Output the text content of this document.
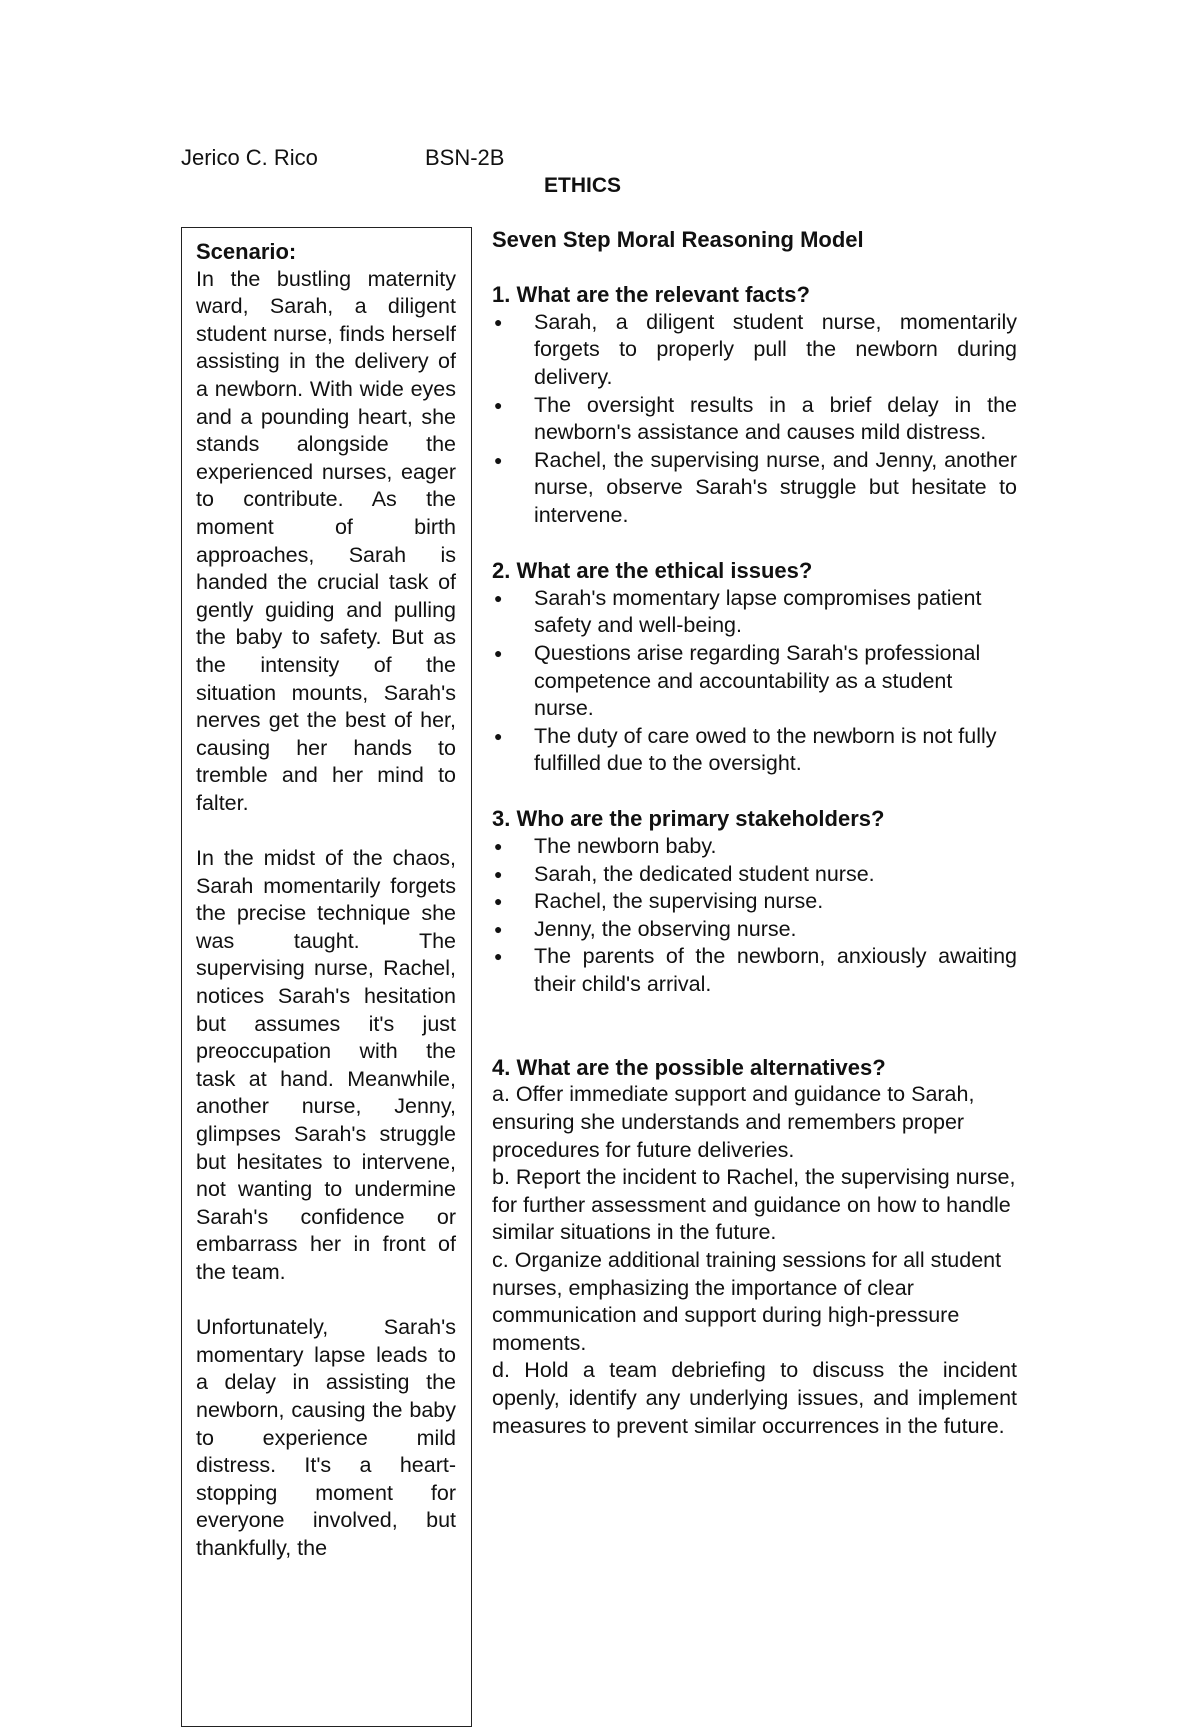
Jerico C. Rico	BSN-2B
ETHICS
Scenario:

In the bustling maternity ward, Sarah, a diligent student nurse, finds herself assisting in the delivery of a newborn. With wide eyes and a pounding heart, she stands alongside the experienced nurses, eager to contribute. As the moment of birth approaches, Sarah is handed the crucial task of gently guiding and pulling the baby to safety. But as the intensity of the situation mounts, Sarah's nerves get the best of her, causing her hands to tremble and her mind to falter.

In the midst of the chaos, Sarah momentarily forgets the precise technique she was taught. The supervising nurse, Rachel, notices Sarah's hesitation but assumes it's just preoccupation with the task at hand. Meanwhile, another nurse, Jenny, glimpses Sarah's struggle but hesitates to intervene, not wanting to undermine Sarah's confidence or embarrass her in front of the team.

Unfortunately, Sarah's momentary lapse leads to a delay in assisting the newborn, causing the baby to experience mild distress. It's a heart-stopping moment for everyone involved, but thankfully, the

Seven Step Moral Reasoning Model
1. What are the relevant facts?
● Sarah, a diligent student nurse, momentarily forgets to properly pull the newborn during delivery.
● The oversight results in a brief delay in the newborn's assistance and causes mild distress.
● Rachel, the supervising nurse, and Jenny, another nurse, observe Sarah's struggle but hesitate to intervene.
2. What are the ethical issues?
● Sarah's momentary lapse compromises patient safety and well-being.
● Questions arise regarding Sarah's professional competence and accountability as a student nurse.
● The duty of care owed to the newborn is not fully fulfilled due to the oversight.
3. Who are the primary stakeholders?
● The newborn baby.
● Sarah, the dedicated student nurse.
● Rachel, the supervising nurse.
● Jenny, the observing nurse.
● The parents of the newborn, anxiously awaiting their child's arrival.
4. What are the possible alternatives?

a. Offer immediate support and guidance to Sarah, ensuring she understands and remembers proper procedures for future deliveries.

b. Report the incident to Rachel, the supervising nurse, for further assessment and guidance on how to handle similar situations in the future.

c. Organize additional training sessions for all student nurses, emphasizing the importance of clear communication and support during high-pressure moments.

d. Hold a team debriefing to discuss the incident openly, identify any underlying issues, and implement measures to prevent similar occurrences in the future.
